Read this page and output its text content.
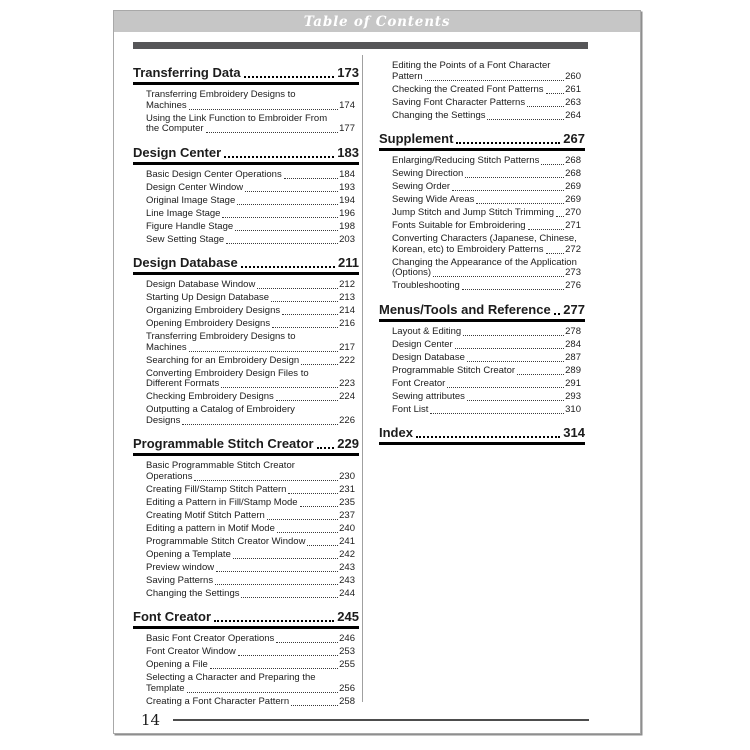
Table of Contents
Transferring Data	173
Transferring Embroidery Designs to
Machines	174
Using the Link Function to Embroider From
the Computer	177
Design Center	183
Basic Design Center Operations	184
Design Center Window	193
Original Image Stage	194
Line Image Stage	196
Figure Handle Stage	198
Sew Setting Stage	203
Design Database	211
Design Database Window	212
Starting Up Design Database	213
Organizing Embroidery Designs	214
Opening Embroidery Designs	216
Transferring Embroidery Designs to
Machines	217
Searching for an Embroidery Design	222
Converting Embroidery Design Files to
Different Formats	223
Checking Embroidery Designs	224
Outputting a Catalog of Embroidery
Designs	226
Programmable Stitch Creator 229
Basic Programmable Stitch Creator
Operations	230
Creating Fill/Stamp Stitch Pattern	231
Editing a Pattern in Fill/Stamp Mode	235
Creating Motif Stitch Pattern	237
Editing a pattern in Motif Mode	240
Programmable Stitch Creator Window	241
Opening a Template	242
Preview window	243
Saving Patterns	243
Changing the Settings	244
Font Creator	245
Basic Font Creator Operations	246
Font Creator Window	253
Opening a File	255
Selecting a Character and Preparing the
Template	256
Creating a Font Character Pattern	258
Editing the Points of a Font Character
Pattern	260
Checking the Created Font Patterns 261
Saving Font Character Patterns	263
Changing the Settings	264
Supplement	267
Enlarging/Reducing Stitch Patterns	268
Sewing Direction	268
Sewing Order	269
Sewing Wide Areas	269
Jump Stitch and Jump Stitch Trimming 270
Fonts Suitable for Embroidering	271
Converting Characters (Japanese, Chinese,
Korean, etc) to Embroidery Patterns 272
Changing the Appearance of the Application
(Options)	273
Troubleshooting	276
Menus/Tools and Reference 277
Layout & Editing	278
Design Center	284
Design Database	287
Programmable Stitch Creator	289
Font Creator	291
Sewing attributes	293
Font List	310
Index	314
14
